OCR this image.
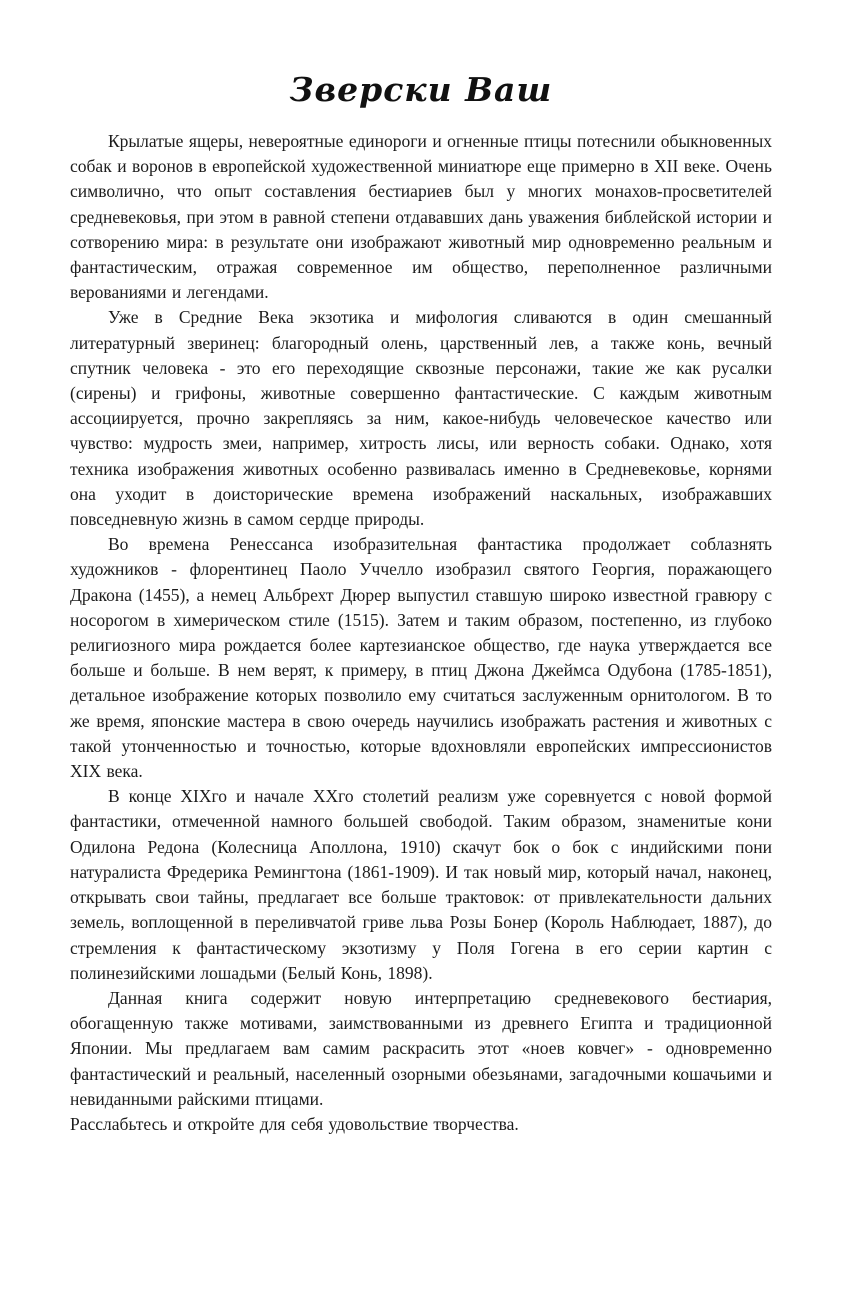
Зверски Ваш

Крылатые ящеры, невероятные единороги и огненные птицы потеснили обыкновенных собак и воронов в европейской художественной миниатюре еще примерно в XII веке. Очень символично, что опыт составления бестиариев был у многих монахов-просветителей средневековья, при этом в равной степени отдававших дань уважения библейской истории и сотворению мира: в результате они изображают животный мир одновременно реальным и фантастическим, отражая современное им общество, переполненное различными верованиями и легендами.

Уже в Средние Века экзотика и мифология сливаются в один смешанный литературный зверинец: благородный олень, царственный лев, а также конь, вечный спутник человека - это его переходящие сквозные персонажи, такие же как русалки (сирены) и грифоны, животные совершенно фантастические. С каждым животным ассоциируется, прочно закрепляясь за ним, какое-нибудь человеческое качество или чувство: мудрость змеи, например, хитрость лисы, или верность собаки. Однако, хотя техника изображения животных особенно развивалась именно в Средневековье, корнями она уходит в доисторические времена изображений наскальных, изображавших повседневную жизнь в самом сердце природы.

Во времена Ренессанса изобразительная фантастика продолжает соблазнять художников - флорентинец Паоло Уччелло изобразил святого Георгия, поражающего Дракона (1455), а немец Альбрехт Дюрер выпустил ставшую широко известной гравюру с носорогом в химерическом стиле (1515). Затем и таким образом, постепенно, из глубоко религиозного мира рождается более картезианское общество, где наука утверждается все больше и больше. В нем верят, к примеру, в птиц Джона Джеймса Одубона (1785-1851), детальное изображение которых позволило ему считаться заслуженным орнитологом. В то же время, японские мастера в свою очередь научились изображать растения и животных с такой утонченностью и точностью, которые вдохновляли европейских импрессионистов XIX века.

В конце XIXго и начале XXго столетий реализм уже соревнуется с новой формой фантастики, отмеченной намного большей свободой. Таким образом, знаменитые кони Одилона Редона (Колесница Аполлона, 1910) скачут бок о бок с индийскими пони натуралиста Фредерика Ремингтона (1861-1909). И так новый мир, который начал, наконец, открывать свои тайны, предлагает все больше трактовок: от привлекательности дальних земель, воплощенной в переливчатой гриве льва Розы Бонер (Король Наблюдает, 1887), до стремления к фантастическому экзотизму у Поля Гогена в его серии картин с полинезийскими лошадьми (Белый Конь, 1898).

Данная книга содержит новую интерпретацию средневекового бестиария, обогащенную также мотивами, заимствованными из древнего Египта и традиционной Японии. Мы предлагаем вам самим раскрасить этот «ноев ковчег» - одновременно фантастический и реальный, населенный озорными обезьянами, загадочными кошачьими и невиданными райскими птицами.

Расслабьтесь и откройте для себя удовольствие творчества.
